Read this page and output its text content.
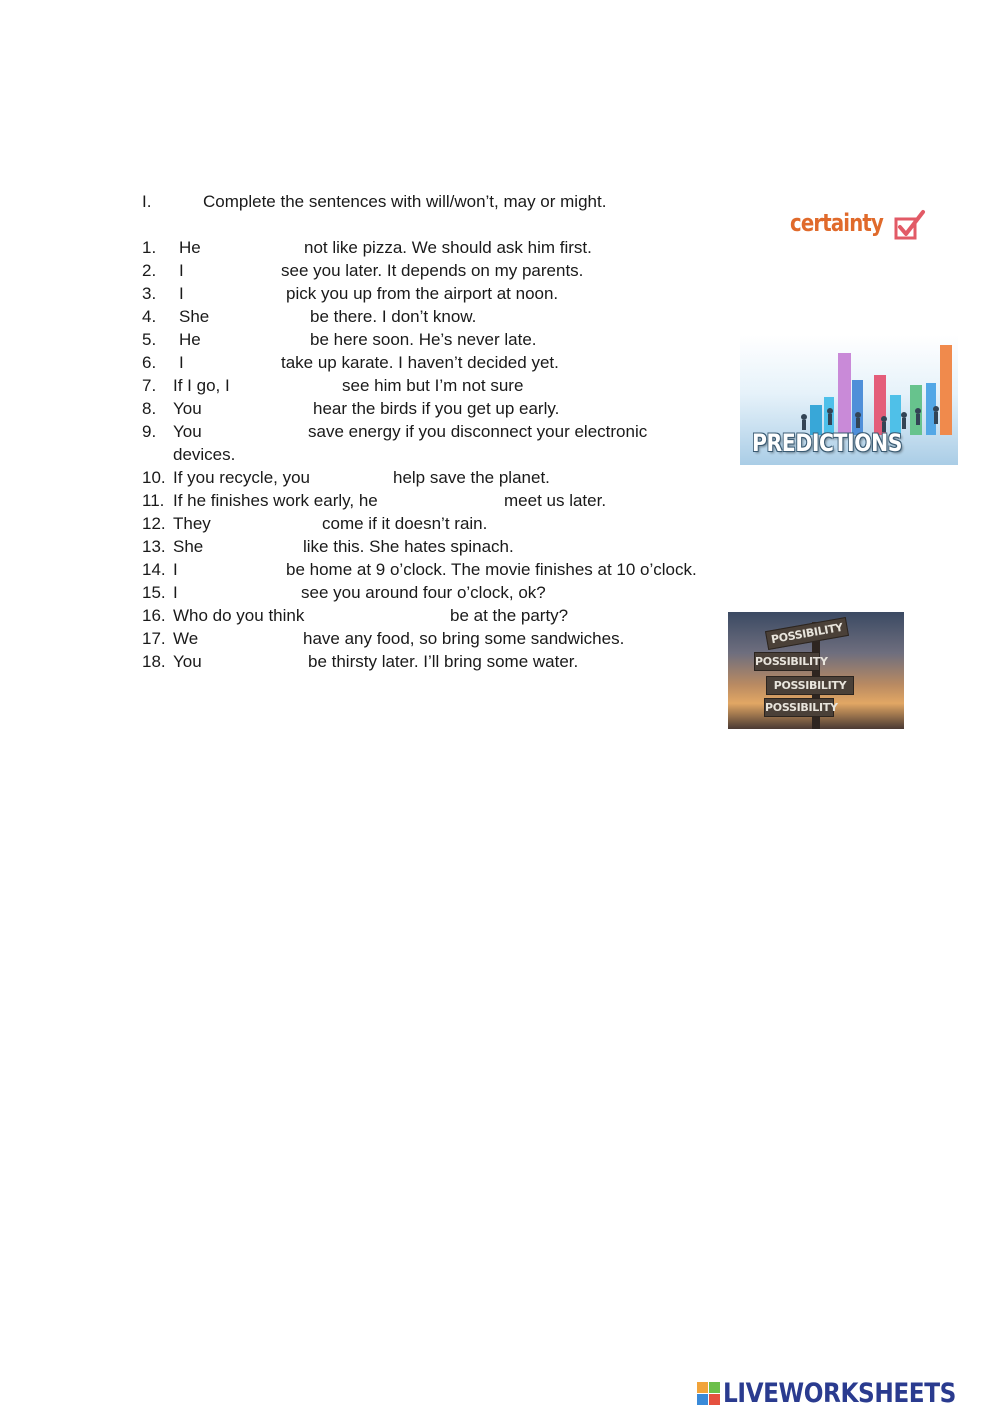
I.	Complete the sentences with will/won’t, may or might.
1. He	not like pizza. We should ask him first.
2. I	see you later. It depends on my parents.
3. I	pick you up from the airport at noon.
4. She	be there. I don’t know.
5. He	be here soon. He’s never late.
6. I	take up karate. I haven’t decided yet.
7. If I go, I	see him but I’m not sure
8. You	hear the birds if you get up early.
9. You	save energy if you disconnect your electronic
devices.
10. If you recycle, you	help save the planet.
11. If he finishes work early, he	meet us later.
12. They	come if it doesn’t rain.
13. She	like this. She hates spinach.
14. I	be home at 9 o’clock. The movie finishes at 10 o’clock.
15. I	see you around four o’clock, ok?
16. Who do you think	be at the party?
17. We	have any food, so bring some sandwiches.
18. You	be thirsty later. I’ll bring some water.
certainty
PREDICTIONS
POSSIBILITY
POSSIBILITY
POSSIBILITY
POSSIBILITY
LIVEWORKSHEETS
